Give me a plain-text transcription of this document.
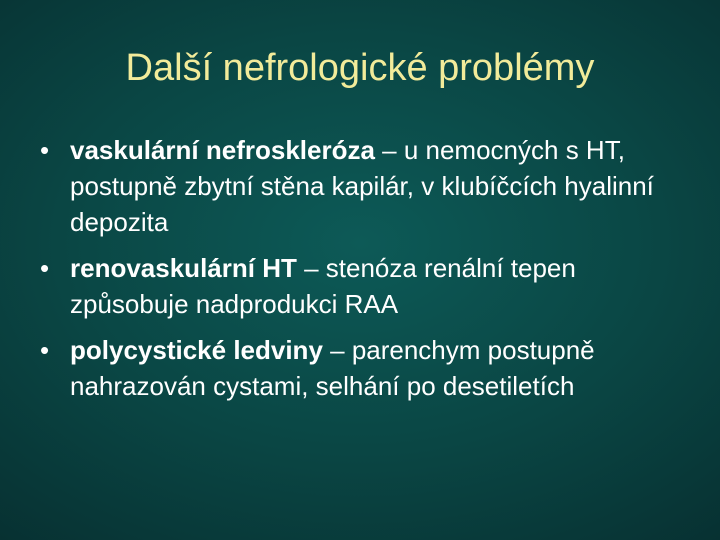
Další nefrologické problémy
• vaskulární nefroskleróza – u nemocných s HT, postupně zbytní stěna kapilár, v klubíčcích hyalinní depozita
• renovaskulární HT – stenóza renální tepen způsobuje nadprodukci RAA
• polycystické ledviny – parenchym postupně nahrazován cystami, selhání po desetiletích
